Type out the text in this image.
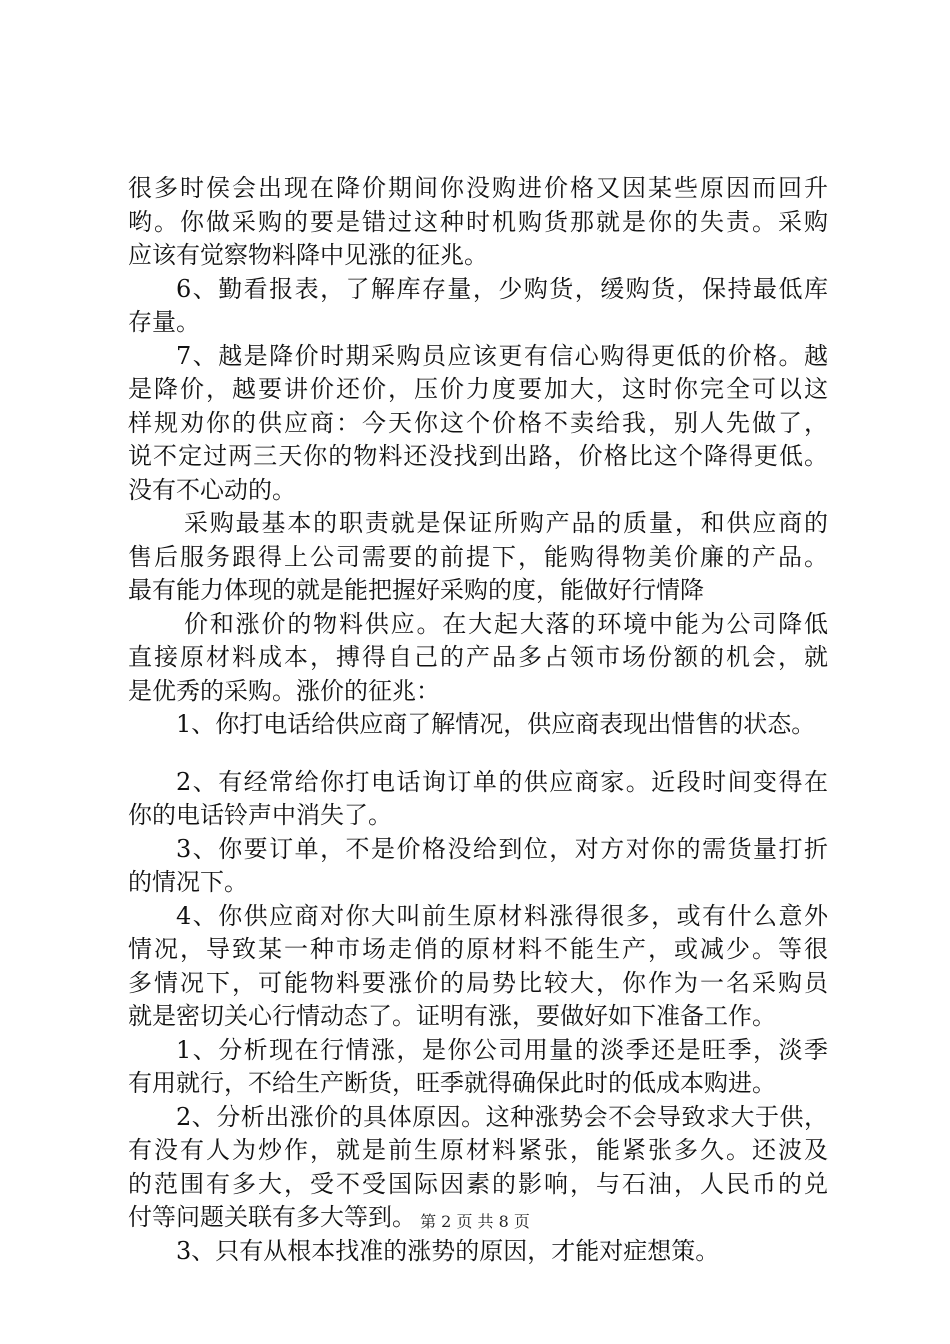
很多时侯会出现在降价期间你没购进价格又因某些原因而回升
哟。你做采购的要是错过这种时机购货那就是你的失责。采购
应该有觉察物料降中见涨的征兆。
6、勤看报表，了解库存量，少购货，缓购货，保持最低库
存量。
7、越是降价时期采购员应该更有信心购得更低的价格。越
是降价，越要讲价还价，压价力度要加大，这时你完全可以这
样规劝你的供应商：今天你这个价格不卖给我，别人先做了，
说不定过两三天你的物料还没找到出路，价格比这个降得更低。
没有不心动的。
采购最基本的职责就是保证所购产品的质量，和供应商的
售后服务跟得上公司需要的前提下，能购得物美价廉的产品。
最有能力体现的就是能把握好采购的度，能做好行情降
价和涨价的物料供应。在大起大落的环境中能为公司降低
直接原材料成本，搏得自己的产品多占领市场份额的机会，就
是优秀的采购。涨价的征兆：
1、你打电话给供应商了解情况，供应商表现出惜售的状态。
2、有经常给你打电话询订单的供应商家。近段时间变得在
你的电话铃声中消失了。
3、你要订单，不是价格没给到位，对方对你的需货量打折
的情况下。
4、你供应商对你大叫前生原材料涨得很多，或有什么意外
情况，导致某一种市场走俏的原材料不能生产，或减少。等很
多情况下，可能物料要涨价的局势比较大，你作为一名采购员
就是密切关心行情动态了。证明有涨，要做好如下准备工作。
1、分析现在行情涨，是你公司用量的淡季还是旺季，淡季
有用就行，不给生产断货，旺季就得确保此时的低成本购进。
2、分析出涨价的具体原因。这种涨势会不会导致求大于供，
有没有人为炒作，就是前生原材料紧张，能紧张多久。还波及
的范围有多大，受不受国际因素的影响，与石油，人民币的兑
付等问题关联有多大等到。
3、只有从根本找准的涨势的原因，才能对症想策。
第 2 页 共 8 页
